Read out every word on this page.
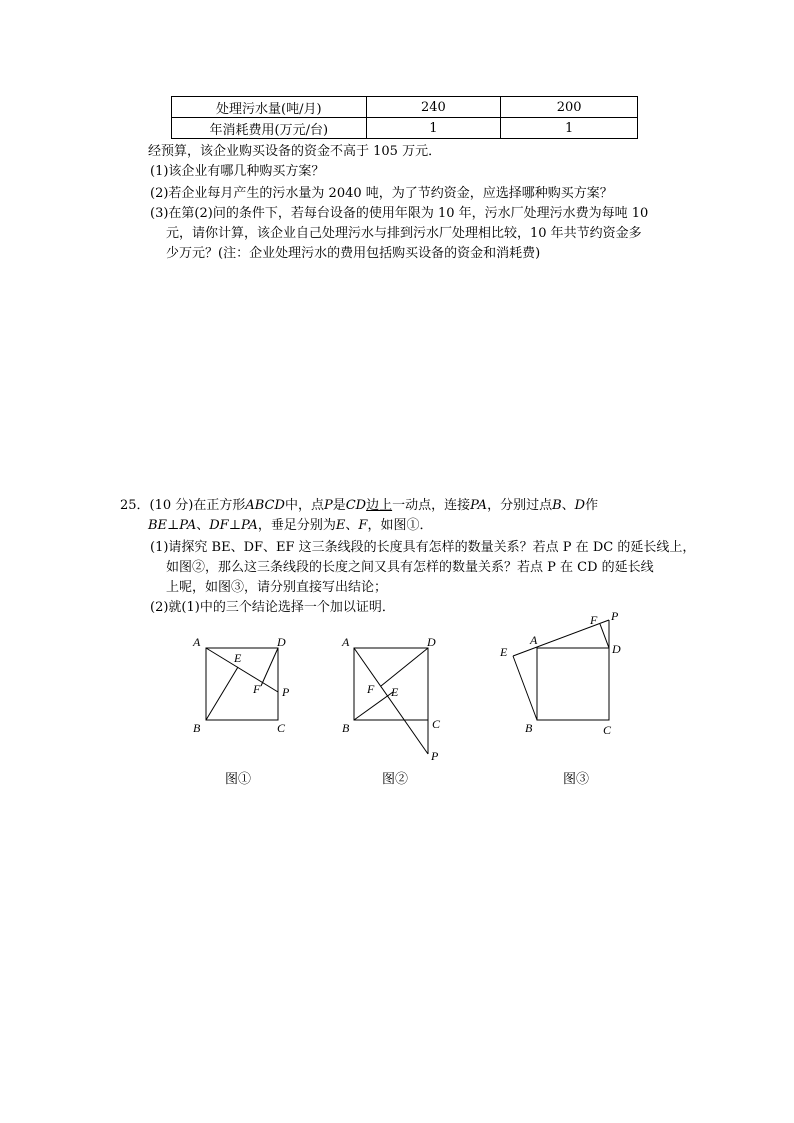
处理污水量(吨/月)	240	200
年消耗费用(万元/台)	1	1
经预算，该企业购买设备的资金不高于 105 万元．
(1)该企业有哪几种购买方案？
(2)若企业每月产生的污水量为 2040 吨，为了节约资金，应选择哪种购买方案？
(3)在第(2)问的条件下，若每台设备的使用年限为 10 年，污水厂处理污水费为每吨 10
元，请你计算，该企业自己处理污水与排到污水厂处理相比较，10 年共节约资金多
少万元？(注：企业处理污水的费用包括购买设备的资金和消耗费)
25．(10 分)在正方形ABCD中，点P是CD边上一动点，连接PA，分别过点B、D作
BE⊥PA、DF⊥PA，垂足分别为E、F，如图①．
(1)请探究 BE、DF、EF 这三条线段的长度具有怎样的数量关系？若点 P 在 DC 的延长线上，
如图②，那么这三条线段的长度之间又具有怎样的数量关系？若点 P 在 CD 的延长线
上呢，如图③，请分别直接写出结论；
(2)就(1)中的三个结论选择一个加以证明．
A	D
E
F P
B	C
图①
A	D
F E
B	C
P
图②
F P
A
E	D
B	C
图③
